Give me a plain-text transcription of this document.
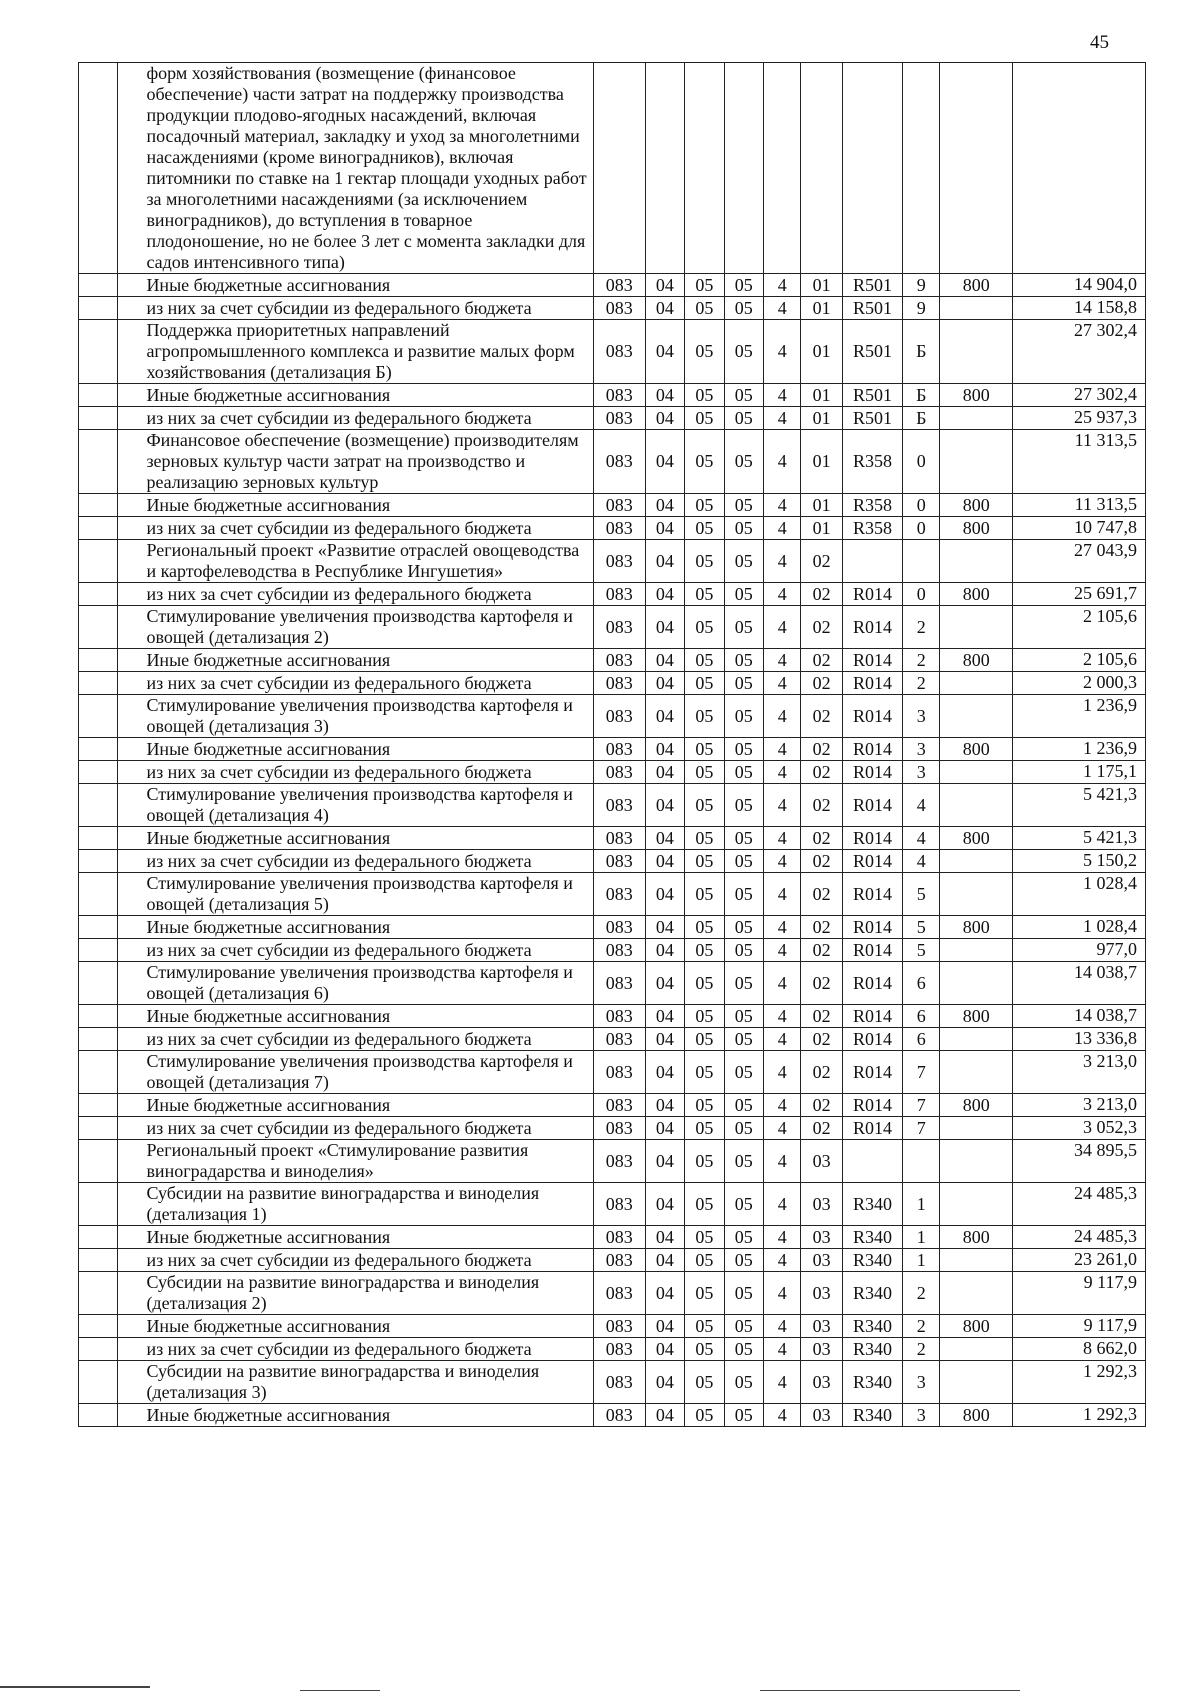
45
	форм хозяйствования (возмещение (финансовое обеспечение) части затрат на поддержку производства продукции плодово-ягодных насаждений, включая посадочный материал, закладку и уход за многолетними насаждениями (кроме виноградников), включая питомники по ставке на 1 гектар площади уходных работ за многолетними насаждениями (за исключением виноградников), до вступления в товарное плодоношение, но не более 3 лет с момента закладки для садов интенсивного типа)										
	Иные бюджетные ассигнования	083	04	05	05	4	01	R501	9	800	14 904,0
	из них за счет субсидии из федерального бюджета	083	04	05	05	4	01	R501	9		14 158,8
	Поддержка приоритетных направлений агропромышленного комплекса и развитие малых форм хозяйствования (детализация Б)	083	04	05	05	4	01	R501	Б		27 302,4
	Иные бюджетные ассигнования	083	04	05	05	4	01	R501	Б	800	27 302,4
	из них за счет субсидии из федерального бюджета	083	04	05	05	4	01	R501	Б		25 937,3
	Финансовое обеспечение (возмещение) производителям зерновых культур части затрат на производство и реализацию зерновых культур	083	04	05	05	4	01	R358	0		11 313,5
	Иные бюджетные ассигнования	083	04	05	05	4	01	R358	0	800	11 313,5
	из них за счет субсидии из федерального бюджета	083	04	05	05	4	01	R358	0	800	10 747,8
	Региональный проект «Развитие отраслей овощеводства и картофелеводства в Республике Ингушетия»	083	04	05	05	4	02				27 043,9
	из них за счет субсидии из федерального бюджета	083	04	05	05	4	02	R014	0	800	25 691,7
	Стимулирование увеличения производства картофеля и овощей (детализация 2)	083	04	05	05	4	02	R014	2		2 105,6
	Иные бюджетные ассигнования	083	04	05	05	4	02	R014	2	800	2 105,6
	из них за счет субсидии из федерального бюджета	083	04	05	05	4	02	R014	2		2 000,3
	Стимулирование увеличения производства картофеля и овощей (детализация 3)	083	04	05	05	4	02	R014	3		1 236,9
	Иные бюджетные ассигнования	083	04	05	05	4	02	R014	3	800	1 236,9
	из них за счет субсидии из федерального бюджета	083	04	05	05	4	02	R014	3		1 175,1
	Стимулирование увеличения производства картофеля и овощей (детализация 4)	083	04	05	05	4	02	R014	4		5 421,3
	Иные бюджетные ассигнования	083	04	05	05	4	02	R014	4	800	5 421,3
	из них за счет субсидии из федерального бюджета	083	04	05	05	4	02	R014	4		5 150,2
	Стимулирование увеличения производства картофеля и овощей (детализация 5)	083	04	05	05	4	02	R014	5		1 028,4
	Иные бюджетные ассигнования	083	04	05	05	4	02	R014	5	800	1 028,4
	из них за счет субсидии из федерального бюджета	083	04	05	05	4	02	R014	5		977,0
	Стимулирование увеличения производства картофеля и овощей (детализация 6)	083	04	05	05	4	02	R014	6		14 038,7
	Иные бюджетные ассигнования	083	04	05	05	4	02	R014	6	800	14 038,7
	из них за счет субсидии из федерального бюджета	083	04	05	05	4	02	R014	6		13 336,8
	Стимулирование увеличения производства картофеля и овощей (детализация 7)	083	04	05	05	4	02	R014	7		3 213,0
	Иные бюджетные ассигнования	083	04	05	05	4	02	R014	7	800	3 213,0
	из них за счет субсидии из федерального бюджета	083	04	05	05	4	02	R014	7		3 052,3
	Региональный проект «Стимулирование развития виноградарства и виноделия»	083	04	05	05	4	03				34 895,5
	Субсидии на развитие виноградарства и виноделия (детализация 1)	083	04	05	05	4	03	R340	1		24 485,3
	Иные бюджетные ассигнования	083	04	05	05	4	03	R340	1	800	24 485,3
	из них за счет субсидии из федерального бюджета	083	04	05	05	4	03	R340	1		23 261,0
	Субсидии на развитие виноградарства и виноделия (детализация 2)	083	04	05	05	4	03	R340	2		9 117,9
	Иные бюджетные ассигнования	083	04	05	05	4	03	R340	2	800	9 117,9
	из них за счет субсидии из федерального бюджета	083	04	05	05	4	03	R340	2		8 662,0
	Субсидии на развитие виноградарства и виноделия (детализация 3)	083	04	05	05	4	03	R340	3		1 292,3
	Иные бюджетные ассигнования	083	04	05	05	4	03	R340	3	800	1 292,3
